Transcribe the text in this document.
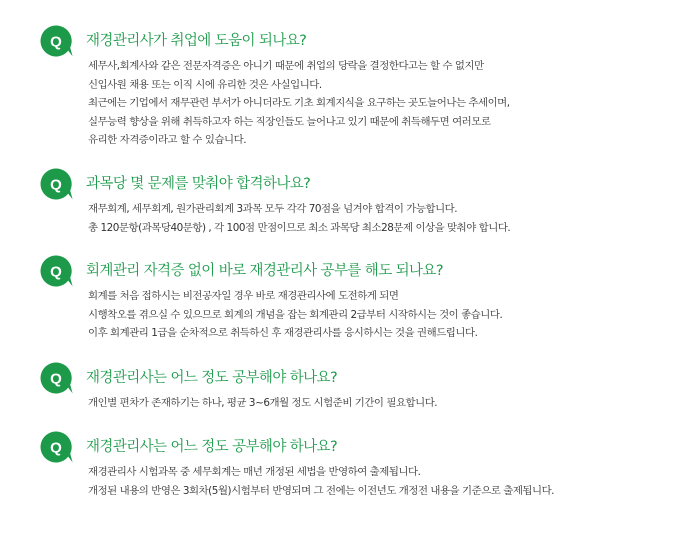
Q 재경관리사가 취업에 도움이 되나요?
세무사,회계사와 같은 전문자격증은 아니기 때문에 취업의 당락을 결정한다고는 할 수 없지만
신입사원 채용 또는 이직 시에 유리한 것은 사실입니다.
최근에는 기업에서 재무관련 부서가 아니더라도 기초 회계지식을 요구하는 곳도늘어나는 추세이며,
실무능력 향상을 위해 취득하고자 하는 직장인들도 늘어나고 있기 때문에 취득해두면 여러모로
유리한 자격증이라고 할 수 있습니다.
Q 과목당 몇 문제를 맞춰야 합격하나요?
재무회계, 세무회계, 원가관리회계 3과목 모두 각각 70점을 넘겨야 합격이 가능합니다.
총 120문항(과목당40문항) , 각 100점 만점이므로 최소 과목당 최소28문제 이상을 맞춰야 합니다.
Q 회계관리 자격증 없이 바로 재경관리사 공부를 해도 되나요?
회계를 처음 접하시는 비전공자일 경우 바로 재경관리사에 도전하게 되면
시행착오를 겪으실 수 있으므로 회계의 개념을 잡는 회계관리 2급부터 시작하시는 것이 좋습니다.
이후 회계관리 1급을 순차적으로 취득하신 후 재경관리사를 응시하시는 것을 권해드립니다.
Q 재경관리사는 어느 정도 공부해야 하나요?
개인별 편차가 존재하기는 하나, 평균 3~6개월 정도 시험준비 기간이 필요합니다.
Q 재경관리사는 어느 정도 공부해야 하나요?
재경관리사 시험과목 중 세무회계는 매년 개정된 세법을 반영하여 출제됩니다.
개정된 내용의 반영은 3회차(5월)시험부터 반영되며 그 전에는 이전년도 개정전 내용을 기준으로 출제됩니다.
